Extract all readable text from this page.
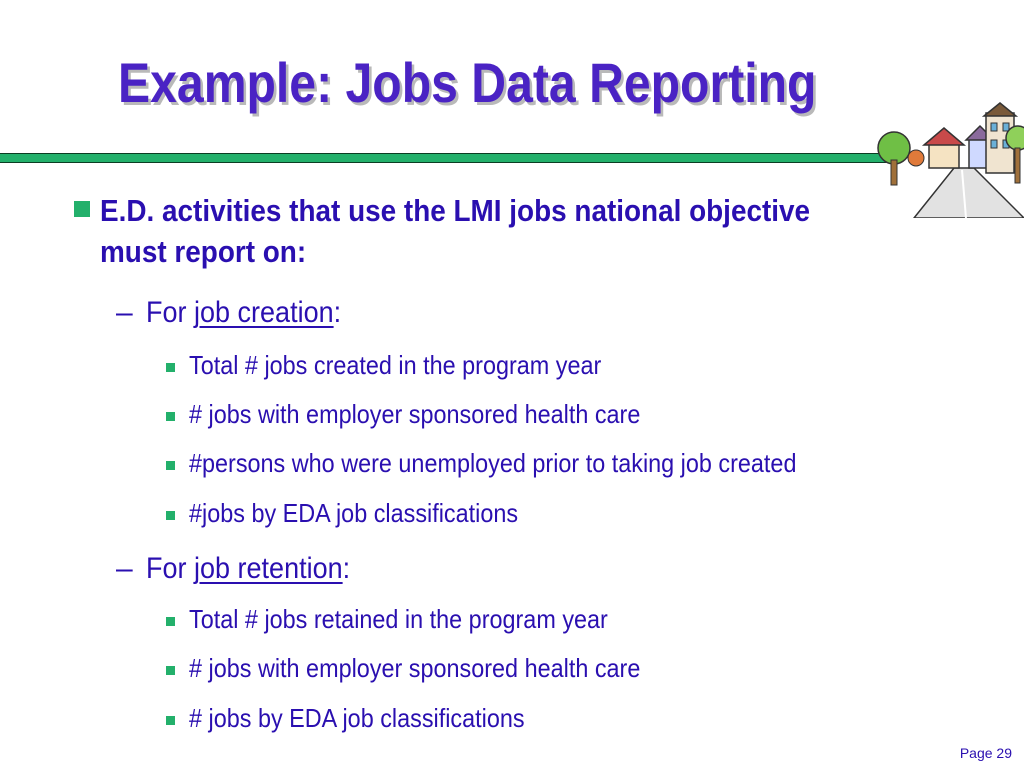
Example: Jobs Data Reporting
E.D. activities that use the LMI jobs national objective must report on:
– For job creation:
Total # jobs created in the program year
# jobs with employer sponsored health care
#persons who were unemployed prior to taking job created
#jobs by EDA job classifications
– For job retention:
Total # jobs retained in the program year
# jobs with employer sponsored health care
# jobs by EDA job classifications
Page 29
